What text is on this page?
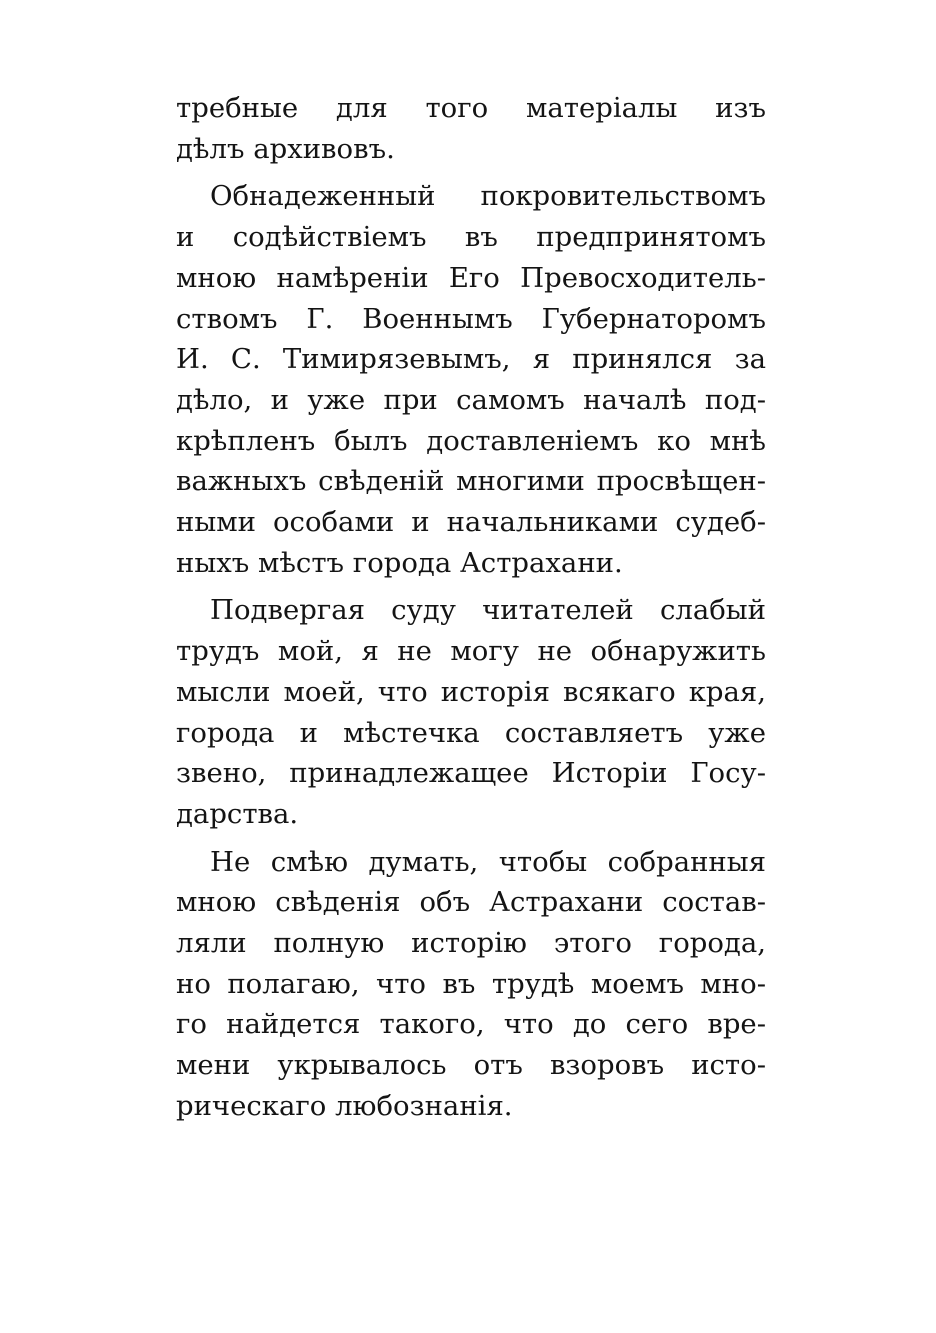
требные для того матеріалы изъ
дѣлъ архивовъ.

Обнадеженный покровительствомъ
и содѣйствіемъ въ предпринятомъ
мною намѣреніи Его Превосходитель-
ствомъ Г. Военнымъ Губернаторомъ
И. С. Тимирязевымъ, я принялся за
дѣло, и уже при самомъ началѣ под-
крѣпленъ былъ доставленіемъ ко мнѣ
важныхъ свѣденій многими просвѣщен-
ными особами и начальниками судеб-
ныхъ мѣстъ города Астрахани.

Подвергая суду читателей слабый
трудъ мой, я не могу не обнаружить
мысли моей, что исторія всякаго края,
города и мѣстечка составляетъ уже
звено, принадлежащее Исторіи Госу-
дарства.

Не смѣю думать, чтобы собранныя
мною свѣденія объ Астрахани состав-
ляли полную исторію этого города,
но полагаю, что въ трудѣ моемъ мно-
го найдется такого, что до сего вре-
мени укрывалось отъ взоровъ исто-
рическаго любознанія.
